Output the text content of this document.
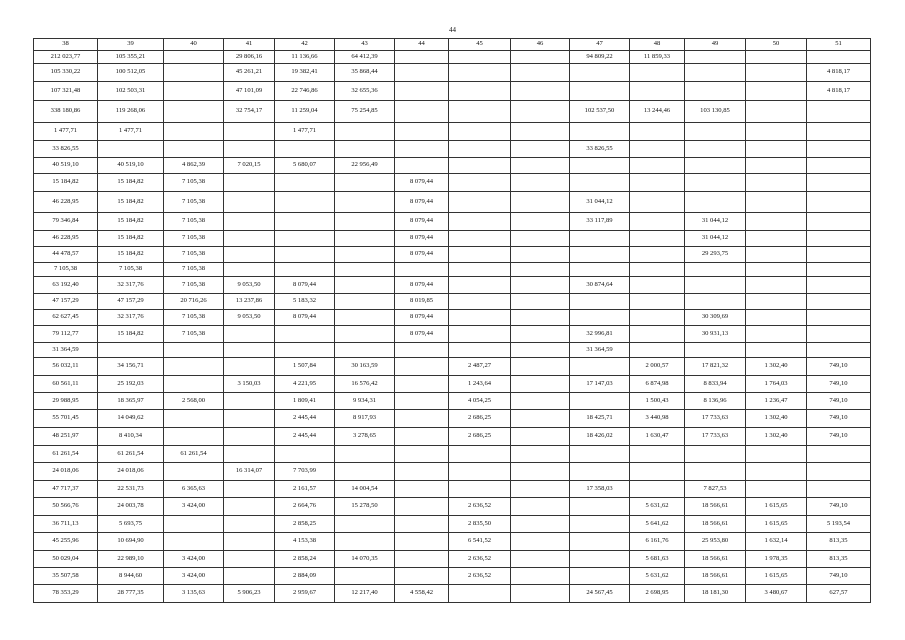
44
38	39	40	41	42	43	44	45	46	47	48	49	50	51
212 023,77	105 355,21		29 806,16	11 136,66	64 412,39				94 809,22	11 859,33			
105 330,22	100 512,05		45 261,21	19 382,41	35 868,44								4 818,17
107 321,48	102 503,31		47 101,09	22 746,86	32 655,36								4 818,17
338 180,86	119 268,06		32 754,17	11 259,04	75 254,85				102 537,50	13 244,46	103 130,85		
1 477,71	1 477,71			1 477,71									
33 826,55									33 826,55				
40 519,10	40 519,10	4 862,39	7 020,15	5 680,07	22 956,49								
15 184,82	15 184,82	7 105,38				8 079,44							
46 228,95	15 184,82	7 105,38				8 079,44			31 044,12				
79 346,84	15 184,82	7 105,38				8 079,44			33 117,89		31 044,12		
46 228,95	15 184,82	7 105,38				8 079,44					31 044,12		
44 478,57	15 184,82	7 105,38				8 079,44					29 293,75		
7 105,38	7 105,38	7 105,38											
63 192,40	32 317,76	7 105,38	9 053,50	8 079,44		8 079,44			30 874,64				
47 157,29	47 157,29	20 716,26	13 237,86	5 183,32		8 019,85							
62 627,45	32 317,76	7 105,38	9 053,50	8 079,44		8 079,44					30 309,69		
79 112,77	15 184,82	7 105,38				8 079,44			32 996,81		30 931,13		
31 364,59									31 364,59				
56 032,11	34 156,71			1 507,84	30 163,59		2 487,27			2 000,57	17 821,32	1 302,40	749,10
60 561,11	25 192,03		3 150,03	4 221,95	16 576,42		1 243,64		17 147,03	6 874,98	8 833,94	1 764,03	749,10
29 988,95	18 365,97	2 568,00		1 809,41	9 934,31		4 054,25			1 500,43	8 136,96	1 236,47	749,10
55 701,45	14 049,62			2 445,44	8 917,93		2 686,25		18 425,71	3 440,98	17 733,63	1 302,40	749,10
48 251,97	8 410,34			2 445,44	3 278,65		2 686,25		18 426,02	1 630,47	17 733,63	1 302,40	749,10
61 261,54	61 261,54	61 261,54											
24 018,06	24 018,06		16 314,07	7 703,99									
47 717,37	22 531,73	6 365,63		2 161,57	14 004,54				17 358,03		7 827,53		
50 566,76	24 003,78	3 424,00		2 664,76	15 278,50		2 636,52			5 631,62	18 566,61	1 615,65	749,10
36 711,13	5 693,75			2 858,25			2 835,50			5 641,62	18 566,61	1 615,65	5 193,54
45 255,96	10 694,90			4 153,38			6 541,52			6 161,76	25 953,80	1 632,14	813,35
50 029,04	22 989,10	3 424,00		2 858,24	14 070,35		2 636,52			5 681,63	18 566,61	1 978,35	813,35
35 507,58	8 944,60	3 424,00		2 884,09			2 636,52			5 631,62	18 566,61	1 615,65	749,10
78 353,29	28 777,35	3 135,63	5 906,23	2 959,67	12 217,40	4 558,42			24 567,45	2 698,95	18 181,30	3 480,67	627,57
